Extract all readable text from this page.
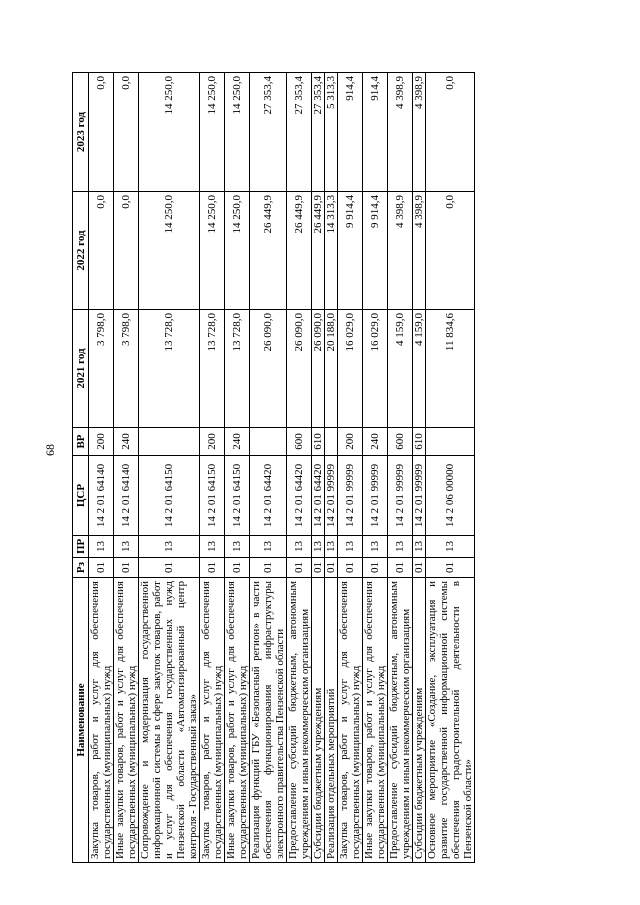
68
Наименование	Рз	ПР	ЦСР	ВР	2021 год	2022 год	2023 год
Закупка товаров, работ и услуг для обеспечения государственных (муниципальных) нужд	01	13	14 2 01 64140	200	3 798,0	0,0	0,0
Иные закупки товаров, работ и услуг для обеспечения государственных (муниципальных) нужд	01	13	14 2 01 64140	240	3 798,0	0,0	0,0
Сопровождение и модернизация государственной информационной системы в сфере закупок товаров, работ и услуг для обеспечения государственных нужд Пензенской области «Автоматизированный центр контроля - Государственный заказ»	01	13	14 2 01 64150		13 728,0	14 250,0	14 250,0
Закупка товаров, работ и услуг для обеспечения государственных (муниципальных) нужд	01	13	14 2 01 64150	200	13 728,0	14 250,0	14 250,0
Иные закупки товаров, работ и услуг для обеспечения государственных (муниципальных) нужд	01	13	14 2 01 64150	240	13 728,0	14 250,0	14 250,0
Реализация функций ГБУ «Безопасный регион» в части обеспечения функционирования инфраструктуры электронного правительства Пензенской области	01	13	14 2 01 64420		26 090,0	26 449,9	27 353,4
Предоставление субсидий бюджетным, автономным учреждениям и иным некоммерческим организациям	01	13	14 2 01 64420	600	26 090,0	26 449,9	27 353,4
Субсидии бюджетным учреждениям	01	13	14 2 01 64420	610	26 090,0	26 449,9	27 353,4
Реализация отдельных мероприятий	01	13	14 2 01 99999		20 188,0	14 313,3	5 313,3
Закупка товаров, работ и услуг для обеспечения государственных (муниципальных) нужд	01	13	14 2 01 99999	200	16 029,0	9 914,4	914,4
Иные закупки товаров, работ и услуг для обеспечения государственных (муниципальных) нужд	01	13	14 2 01 99999	240	16 029,0	9 914,4	914,4
Предоставление субсидий бюджетным, автономным учреждениям и иным некоммерческим организациям	01	13	14 2 01 99999	600	4 159,0	4 398,9	4 398,9
Субсидии бюджетным учреждениям	01	13	14 2 01 99999	610	4 159,0	4 398,9	4 398,9
Основное мероприятие «Создание, эксплуатация и развитие государственной информационной системы обеспечения градостроительной деятельности в Пензенской области»	01	13	14 2 06 00000		11 834,6	0,0	0,0
